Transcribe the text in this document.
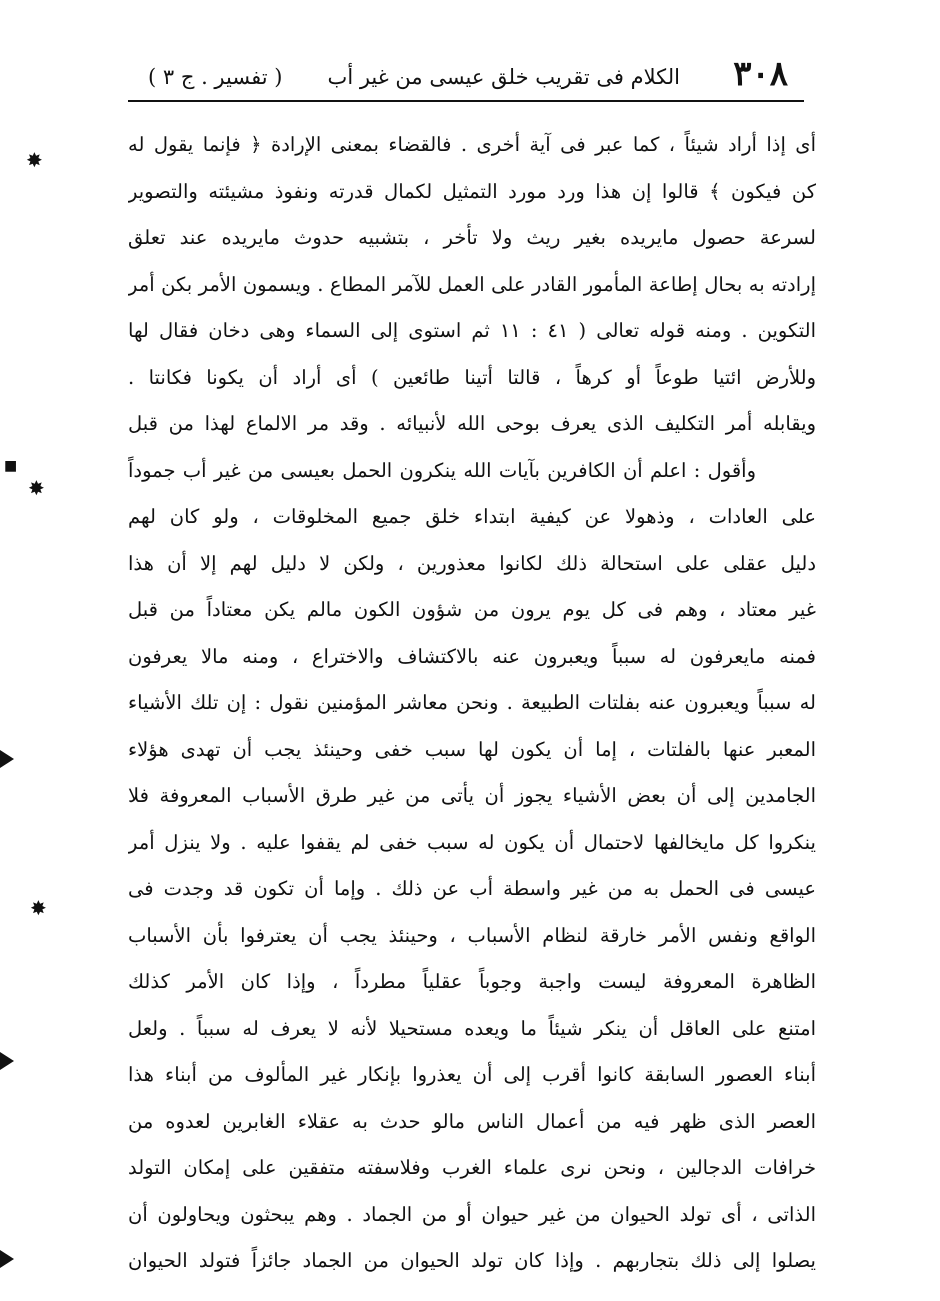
٣٠٨
الكلام فى تقريب خلق عيسى من غير أب
( تفسير . ج ٣ )
أى إذا أراد شيئاً ، كما عبر فى آية أخرى . فالقضاء بمعنى الإرادة ﴿ فإنما يقول له
كن فيكون ﴾ قالوا إن هذا ورد مورد التمثيل لكمال قدرته ونفوذ مشيئته والتصوير
لسرعة حصول مايريده بغير ريث ولا تأخر ، بتشبيه حدوث مايريده عند تعلق
إرادته به بحال إطاعة المأمور القادر على العمل للآمر المطاع . ويسمون الأمر بكن أمر
التكوين . ومنه قوله تعالى ( ٤١ : ١١ ثم استوى إلى السماء وهى دخان فقال لها
وللأرض ائتيا طوعاً أو كرهاً ، قالتا أتينا طائعين ) أى أراد أن يكونا فكانتا .
ويقابله أمر التكليف الذى يعرف بوحى الله لأنبيائه . وقد مر الالماع لهذا من قبل
وأقول : اعلم أن الكافرين بآيات الله ينكرون الحمل بعيسى من غير أب جموداً
على العادات ، وذهولا عن كيفية ابتداء خلق جميع المخلوقات ، ولو كان لهم
دليل عقلى على استحالة ذلك لكانوا معذورين ، ولكن لا دليل لهم إلا أن هذا
غير معتاد ، وهم فى كل يوم يرون من شؤون الكون مالم يكن معتاداً من قبل
فمنه مايعرفون له سبباً ويعبرون عنه بالاكتشاف والاختراع ، ومنه مالا يعرفون
له سبباً ويعبرون عنه بفلتات الطبيعة . ونحن معاشر المؤمنين نقول : إن تلك الأشياء
المعبر عنها بالفلتات ، إما أن يكون لها سبب خفى وحينئذ يجب أن تهدى هؤلاء
الجامدين إلى أن بعض الأشياء يجوز أن يأتى من غير طرق الأسباب المعروفة فلا
ينكروا كل مايخالفها لاحتمال أن يكون له سبب خفى لم يقفوا عليه . ولا ينزل أمر
عيسى فى الحمل به من غير واسطة أب عن ذلك . وإما أن تكون قد وجدت فى
الواقع ونفس الأمر خارقة لنظام الأسباب ، وحينئذ يجب أن يعترفوا بأن الأسباب
الظاهرة المعروفة ليست واجبة وجوباً عقلياً مطرداً ، وإذا كان الأمر كذلك
امتنع على العاقل أن ينكر شيئاً ما ويعده مستحيلا لأنه لا يعرف له سبباً . ولعل
أبناء العصور السابقة كانوا أقرب إلى أن يعذروا بإنكار غير المألوف من أبناء هذا
العصر الذى ظهر فيه من أعمال الناس مالو حدث به عقلاء الغابرين لعدوه من
خرافات الدجالين ، ونحن نرى علماء الغرب وفلاسفته متفقين على إمكان التولد
الذاتى ، أى تولد الحيوان من غير حيوان أو من الجماد . وهم يبحثون ويحاولون أن
يصلوا إلى ذلك بتجاربهم . وإذا كان تولد الحيوان من الجماد جائزاً فتولد الحيوان
✸
■
✸
✸
